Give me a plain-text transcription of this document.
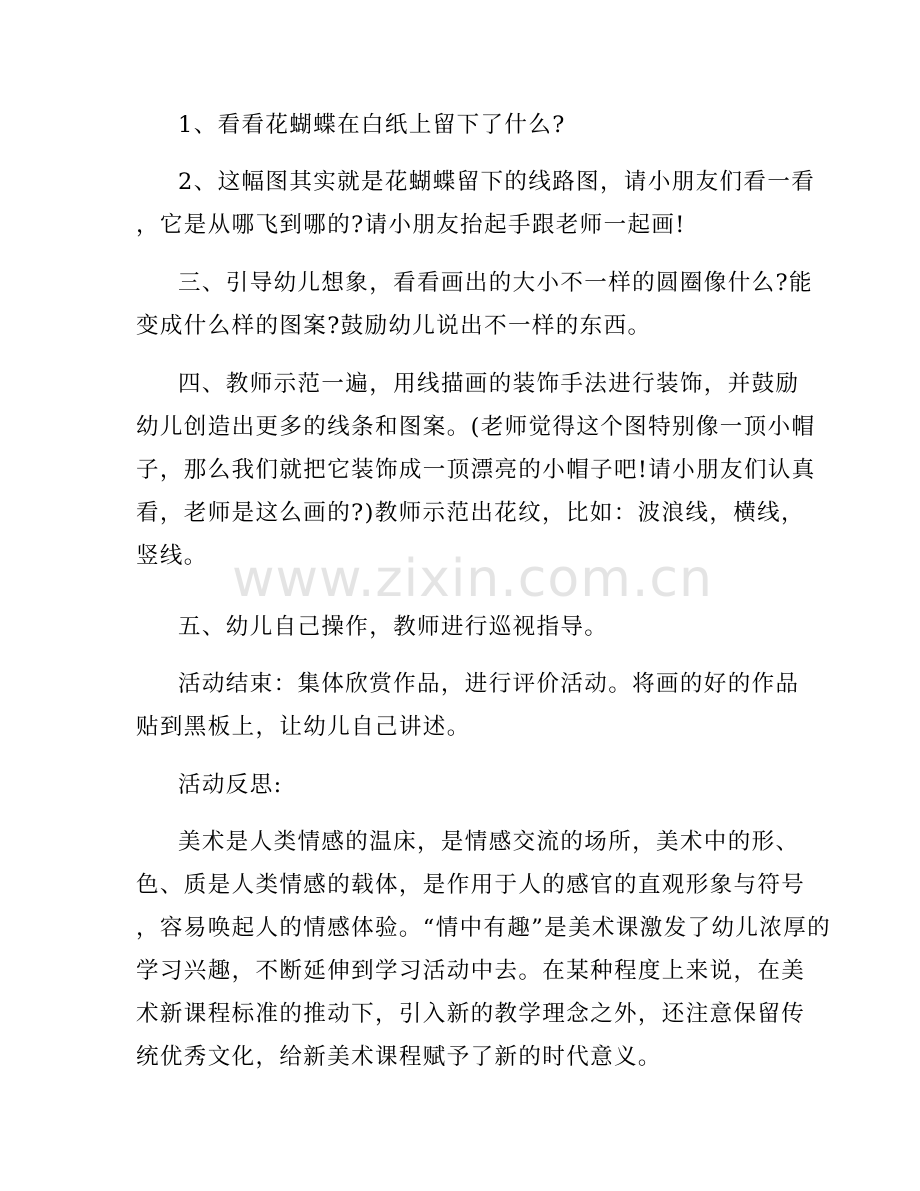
www.zixin.com.cn
1、看看花蝴蝶在白纸上留下了什么?
2、这幅图其实就是花蝴蝶留下的线路图，请小朋友们看一看
，它是从哪飞到哪的?请小朋友抬起手跟老师一起画!
三、引导幼儿想象，看看画出的大小不一样的圆圈像什么?能
变成什么样的图案?鼓励幼儿说出不一样的东西。
四、教师示范一遍，用线描画的装饰手法进行装饰，并鼓励
幼儿创造出更多的线条和图案。(老师觉得这个图特别像一顶小帽
子，那么我们就把它装饰成一顶漂亮的小帽子吧!请小朋友们认真
看，老师是这么画的?)教师示范出花纹，比如：波浪线，横线，
竖线。
五、幼儿自己操作，教师进行巡视指导。
活动结束：集体欣赏作品，进行评价活动。将画的好的作品
贴到黑板上，让幼儿自己讲述。
活动反思:
美术是人类情感的温床，是情感交流的场所，美术中的形、
色、质是人类情感的载体，是作用于人的感官的直观形象与符号
，容易唤起人的情感体验。“情中有趣”是美术课激发了幼儿浓厚的
学习兴趣，不断延伸到学习活动中去。在某种程度上来说，在美
术新课程标准的推动下，引入新的教学理念之外，还注意保留传
统优秀文化，给新美术课程赋予了新的时代意义。
